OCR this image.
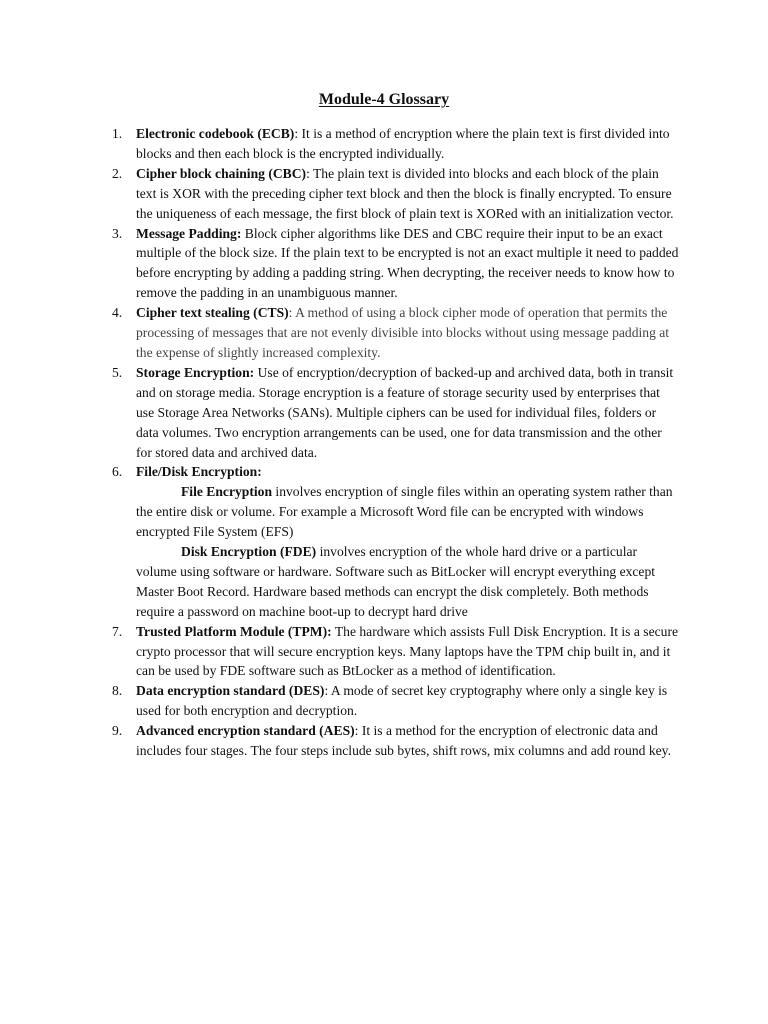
Module-4 Glossary
1. Electronic codebook (ECB): It is a method of encryption where the plain text is first divided into blocks and then each block is the encrypted individually.
2. Cipher block chaining (CBC): The plain text is divided into blocks and each block of the plain text is XOR with the preceding cipher text block and then the block is finally encrypted. To ensure the uniqueness of each message, the first block of plain text is XORed with an initialization vector.
3. Message Padding: Block cipher algorithms like DES and CBC require their input to be an exact multiple of the block size. If the plain text to be encrypted is not an exact multiple it need to padded before encrypting by adding a padding string. When decrypting, the receiver needs to know how to remove the padding in an unambiguous manner.
4. Cipher text stealing (CTS): A method of using a block cipher mode of operation that permits the processing of messages that are not evenly divisible into blocks without using message padding at the expense of slightly increased complexity.
5. Storage Encryption: Use of encryption/decryption of backed-up and archived data, both in transit and on storage media. Storage encryption is a feature of storage security used by enterprises that use Storage Area Networks (SANs). Multiple ciphers can be used for individual files, folders or data volumes. Two encryption arrangements can be used, one for data transmission and the other for stored data and archived data.
6. File/Disk Encryption:
File Encryption involves encryption of single files within an operating system rather than the entire disk or volume. For example a Microsoft Word file can be encrypted with windows encrypted File System (EFS)
Disk Encryption (FDE) involves encryption of the whole hard drive or a particular volume using software or hardware. Software such as BitLocker will encrypt everything except Master Boot Record. Hardware based methods can encrypt the disk completely. Both methods require a password on machine boot-up to decrypt hard drive
7. Trusted Platform Module (TPM): The hardware which assists Full Disk Encryption. It is a secure crypto processor that will secure encryption keys. Many laptops have the TPM chip built in, and it can be used by FDE software such as BtLocker as a method of identification.
8. Data encryption standard (DES): A mode of secret key cryptography where only a single key is used for both encryption and decryption.
9. Advanced encryption standard (AES): It is a method for the encryption of electronic data and includes four stages. The four steps include sub bytes, shift rows, mix columns and add round key.
